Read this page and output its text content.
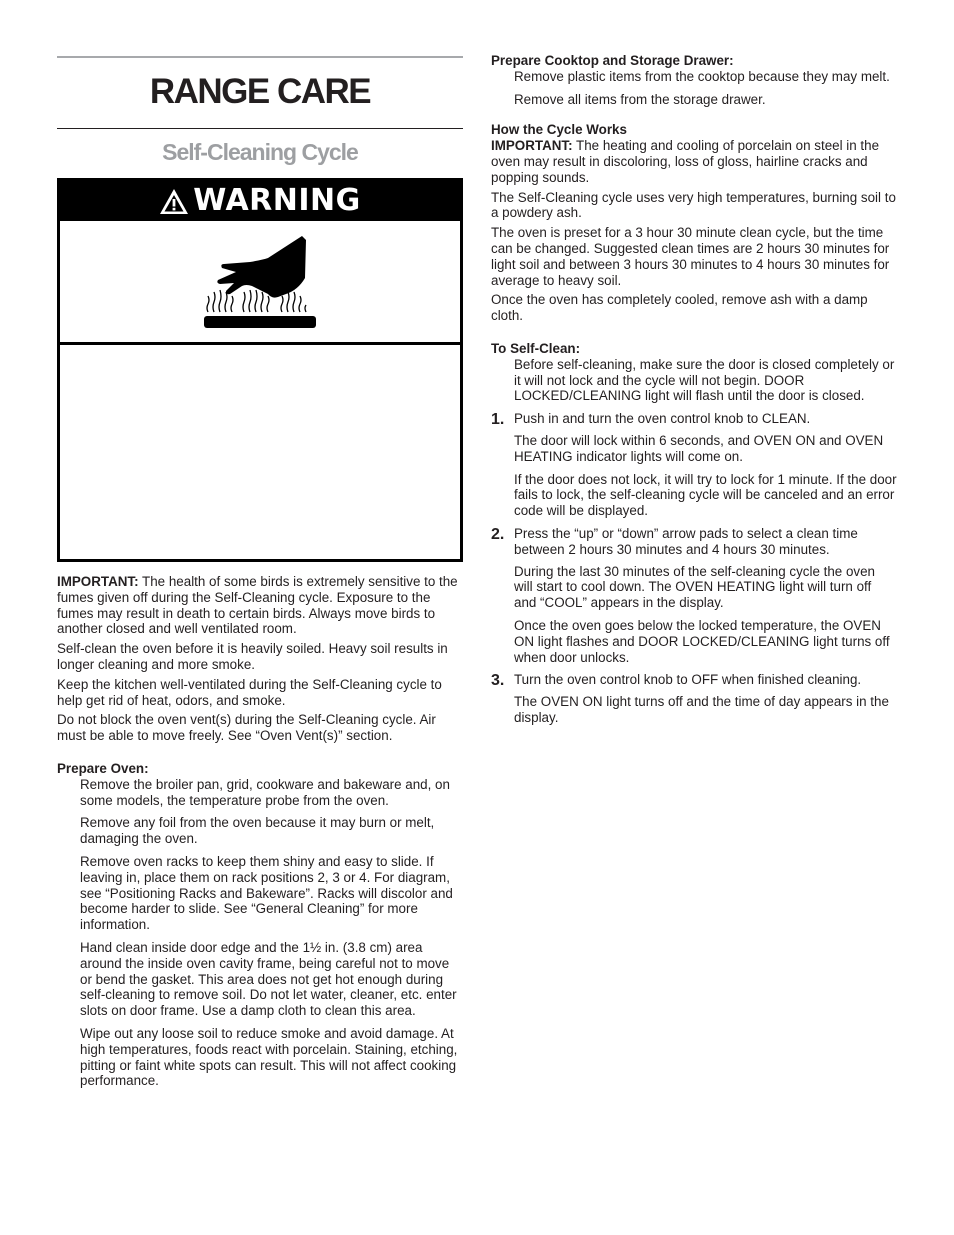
RANGE CARE
Self-Cleaning Cycle
WARNING

IMPORTANT: The health of some birds is extremely sensitive to the fumes given off during the Self-Cleaning cycle. Exposure to the fumes may result in death to certain birds. Always move birds to another closed and well ventilated room.

Self-clean the oven before it is heavily soiled. Heavy soil results in longer cleaning and more smoke.

Keep the kitchen well-ventilated during the Self-Cleaning cycle to help get rid of heat, odors, and smoke.

Do not block the oven vent(s) during the Self-Cleaning cycle. Air must be able to move freely. See “Oven Vent(s)” section.

Prepare Oven:

Remove the broiler pan, grid, cookware and bakeware and, on some models, the temperature probe from the oven.

Remove any foil from the oven because it may burn or melt, damaging the oven.

Remove oven racks to keep them shiny and easy to slide. If leaving in, place them on rack positions 2, 3 or 4. For diagram, see “Positioning Racks and Bakeware”. Racks will discolor and become harder to slide. See “General Cleaning” for more information.

Hand clean inside door edge and the 1½ in. (3.8 cm) area around the inside oven cavity frame, being careful not to move or bend the gasket. This area does not get hot enough during self-cleaning to remove soil. Do not let water, cleaner, etc. enter slots on door frame. Use a damp cloth to clean this area.

Wipe out any loose soil to reduce smoke and avoid damage. At high temperatures, foods react with porcelain. Staining, etching, pitting or faint white spots can result. This will not affect cooking performance.

Prepare Cooktop and Storage Drawer:

Remove plastic items from the cooktop because they may melt.

Remove all items from the storage drawer.

How the Cycle Works

IMPORTANT: The heating and cooling of porcelain on steel in the oven may result in discoloring, loss of gloss, hairline cracks and popping sounds.

The Self-Cleaning cycle uses very high temperatures, burning soil to a powdery ash.

The oven is preset for a 3 hour 30 minute clean cycle, but the time can be changed. Suggested clean times are 2 hours 30 minutes for light soil and between 3 hours 30 minutes to 4 hours 30 minutes for average to heavy soil.

Once the oven has completely cooled, remove ash with a damp cloth.

To Self-Clean:

Before self-cleaning, make sure the door is closed completely or it will not lock and the cycle will not begin. DOOR LOCKED/CLEANING light will flash until the door is closed.

1. Push in and turn the oven control knob to CLEAN.

The door will lock within 6 seconds, and OVEN ON and OVEN HEATING indicator lights will come on.

If the door does not lock, it will try to lock for 1 minute. If the door fails to lock, the self-cleaning cycle will be canceled and an error code will be displayed.

2. Press the “up” or “down” arrow pads to select a clean time between 2 hours 30 minutes and 4 hours 30 minutes.

During the last 30 minutes of the self-cleaning cycle the oven will start to cool down. The OVEN HEATING light will turn off and “COOL” appears in the display.

Once the oven goes below the locked temperature, the OVEN ON light flashes and DOOR LOCKED/CLEANING light turns off when door unlocks.

3. Turn the oven control knob to OFF when finished cleaning.

The OVEN ON light turns off and the time of day appears in the display.
